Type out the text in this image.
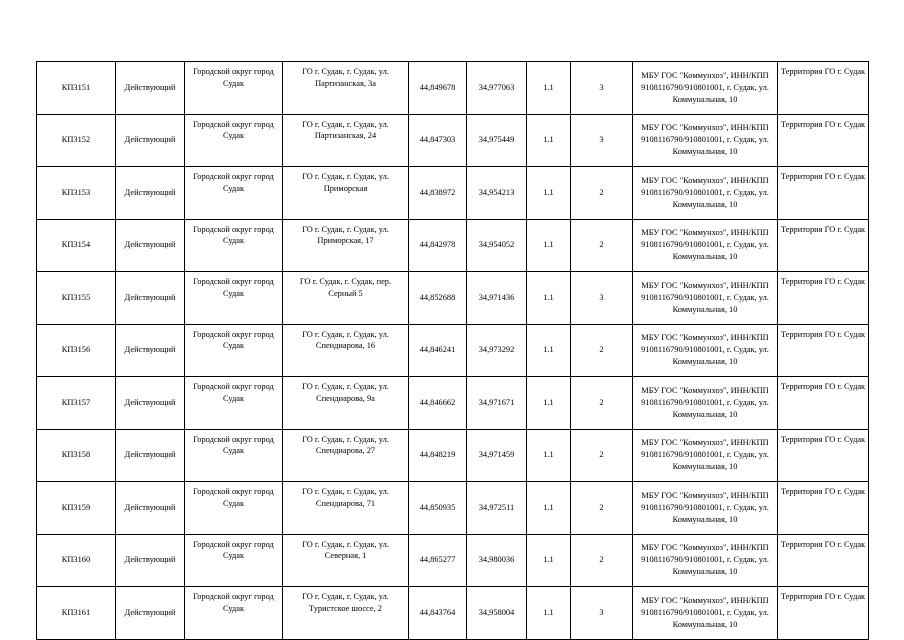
КП3151	Действующий	Городской округ город Судак	ГО г. Судак, г. Судак, ул. Партизанская, 3а	44,849678	34,977063	1.1	3	МБУ ГОС "Коммунхоз", ИНН/КПП 9108116790/910801001, г. Судак, ул. Коммунальная, 10	Территория ГО г. Судак
КП3152	Действующий	Городской округ город Судак	ГО г. Судак, г. Судак, ул. Партизанская, 24	44,847303	34,975449	1.1	3	МБУ ГОС "Коммунхоз", ИНН/КПП 9108116790/910801001, г. Судак, ул. Коммунальная, 10	Территория ГО г. Судак
КП3153	Действующий	Городской округ город Судак	ГО г. Судак, г. Судак, ул. Приморская	44,838972	34,954213	1.1	2	МБУ ГОС "Коммунхоз", ИНН/КПП 9108116790/910801001, г. Судак, ул. Коммунальная, 10	Территория ГО г. Судак
КП3154	Действующий	Городской округ город Судак	ГО г. Судак, г. Судак, ул. Приморская, 17	44,842978	34,954052	1.1	2	МБУ ГОС "Коммунхоз", ИНН/КПП 9108116790/910801001, г. Судак, ул. Коммунальная, 10	Территория ГО г. Судак
КП3155	Действующий	Городской округ город Судак	ГО г. Судак, г. Судак, пер. Серный 5	44,852688	34,971436	1.1	3	МБУ ГОС "Коммунхоз", ИНН/КПП 9108116790/910801001, г. Судак, ул. Коммунальная, 10	Территория ГО г. Судак
КП3156	Действующий	Городской округ город Судак	ГО г. Судак, г. Судак, ул. Спендиарова, 16	44,846241	34,973292	1.1	2	МБУ ГОС "Коммунхоз", ИНН/КПП 9108116790/910801001, г. Судак, ул. Коммунальная, 10	Территория ГО г. Судак
КП3157	Действующий	Городской округ город Судак	ГО г. Судак, г. Судак, ул. Спендиарова, 9а	44,846662	34,971671	1.1	2	МБУ ГОС "Коммунхоз", ИНН/КПП 9108116790/910801001, г. Судак, ул. Коммунальная, 10	Территория ГО г. Судак
КП3158	Действующий	Городской округ город Судак	ГО г. Судак, г. Судак, ул. Спендиарова, 27	44,848219	34,971459	1.1	2	МБУ ГОС "Коммунхоз", ИНН/КПП 9108116790/910801001, г. Судак, ул. Коммунальная, 10	Территория ГО г. Судак
КП3159	Действующий	Городской округ город Судак	ГО г. Судак, г. Судак, ул. Спендиарова, 71	44,850935	34,972511	1.1	2	МБУ ГОС "Коммунхоз", ИНН/КПП 9108116790/910801001, г. Судак, ул. Коммунальная, 10	Территория ГО г. Судак
КП3160	Действующий	Городской округ город Судак	ГО г. Судак, г. Судак, ул. Северная, 1	44,865277	34,980036	1.1	2	МБУ ГОС "Коммунхоз", ИНН/КПП 9108116790/910801001, г. Судак, ул. Коммунальная, 10	Территория ГО г. Судак
КП3161	Действующий	Городской округ город Судак	ГО г. Судак, г. Судак, ул. Туристское шоссе, 2	44,843764	34,958004	1.1	3	МБУ ГОС "Коммунхоз", ИНН/КПП 9108116790/910801001, г. Судак, ул. Коммунальная, 10	Территория ГО г. Судак
